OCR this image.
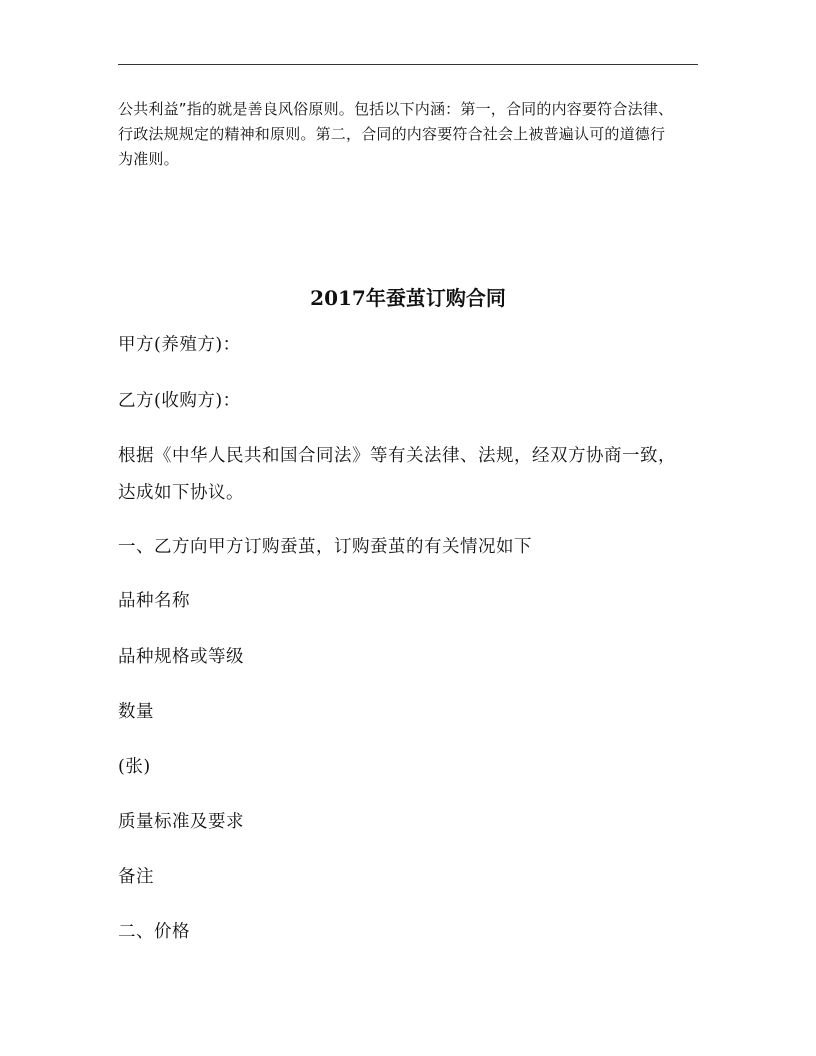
公共利益”指的就是善良风俗原则。包括以下内涵：第一，合同的内容要符合法律、
行政法规规定的精神和原则。第二，合同的内容要符合社会上被普遍认可的道德行
为准则。
2017年蚕茧订购合同
甲方(养殖方)：
乙方(收购方)：
根据《中华人民共和国合同法》等有关法律、法规，经双方协商一致，
达成如下协议。
一、乙方向甲方订购蚕茧，订购蚕茧的有关情况如下
品种名称
品种规格或等级
数量
(张)
质量标准及要求
备注
二、价格
